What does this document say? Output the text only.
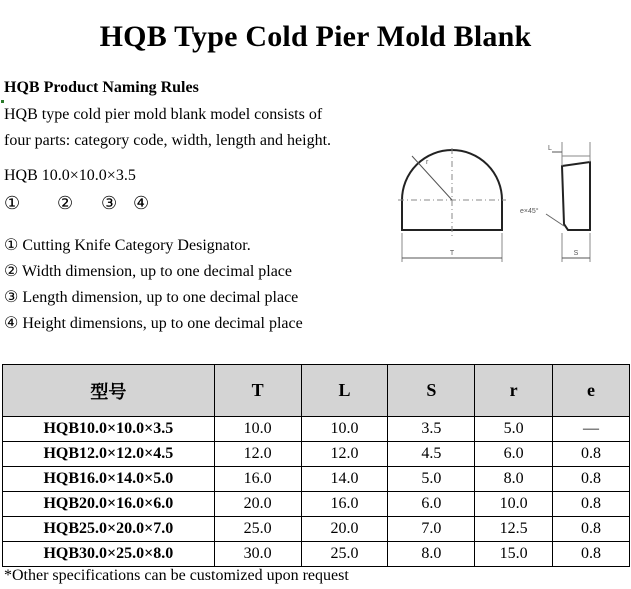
HQB Type Cold Pier Mold Blank
HQB Product Naming Rules
HQB type cold pier mold blank model consists of
four parts: category code, width, length and height.
HQB 10.0×10.0×3.5
① ② ③ ④
① Cutting Knife Category Designator.
② Width dimension, up to one decimal place
③ Length dimension, up to one decimal place
④ Height dimensions, up to one decimal place
T	S
e×45°
r
L
型号	T	L	S	r	e
HQB10.0×10.0×3.5	10.0	10.0	3.5	5.0	—
HQB12.0×12.0×4.5	12.0	12.0	4.5	6.0	0.8
HQB16.0×14.0×5.0	16.0	14.0	5.0	8.0	0.8
HQB20.0×16.0×6.0	20.0	16.0	6.0	10.0	0.8
HQB25.0×20.0×7.0	25.0	20.0	7.0	12.5	0.8
HQB30.0×25.0×8.0	30.0	25.0	8.0	15.0	0.8
*Other specifications can be customized upon request
